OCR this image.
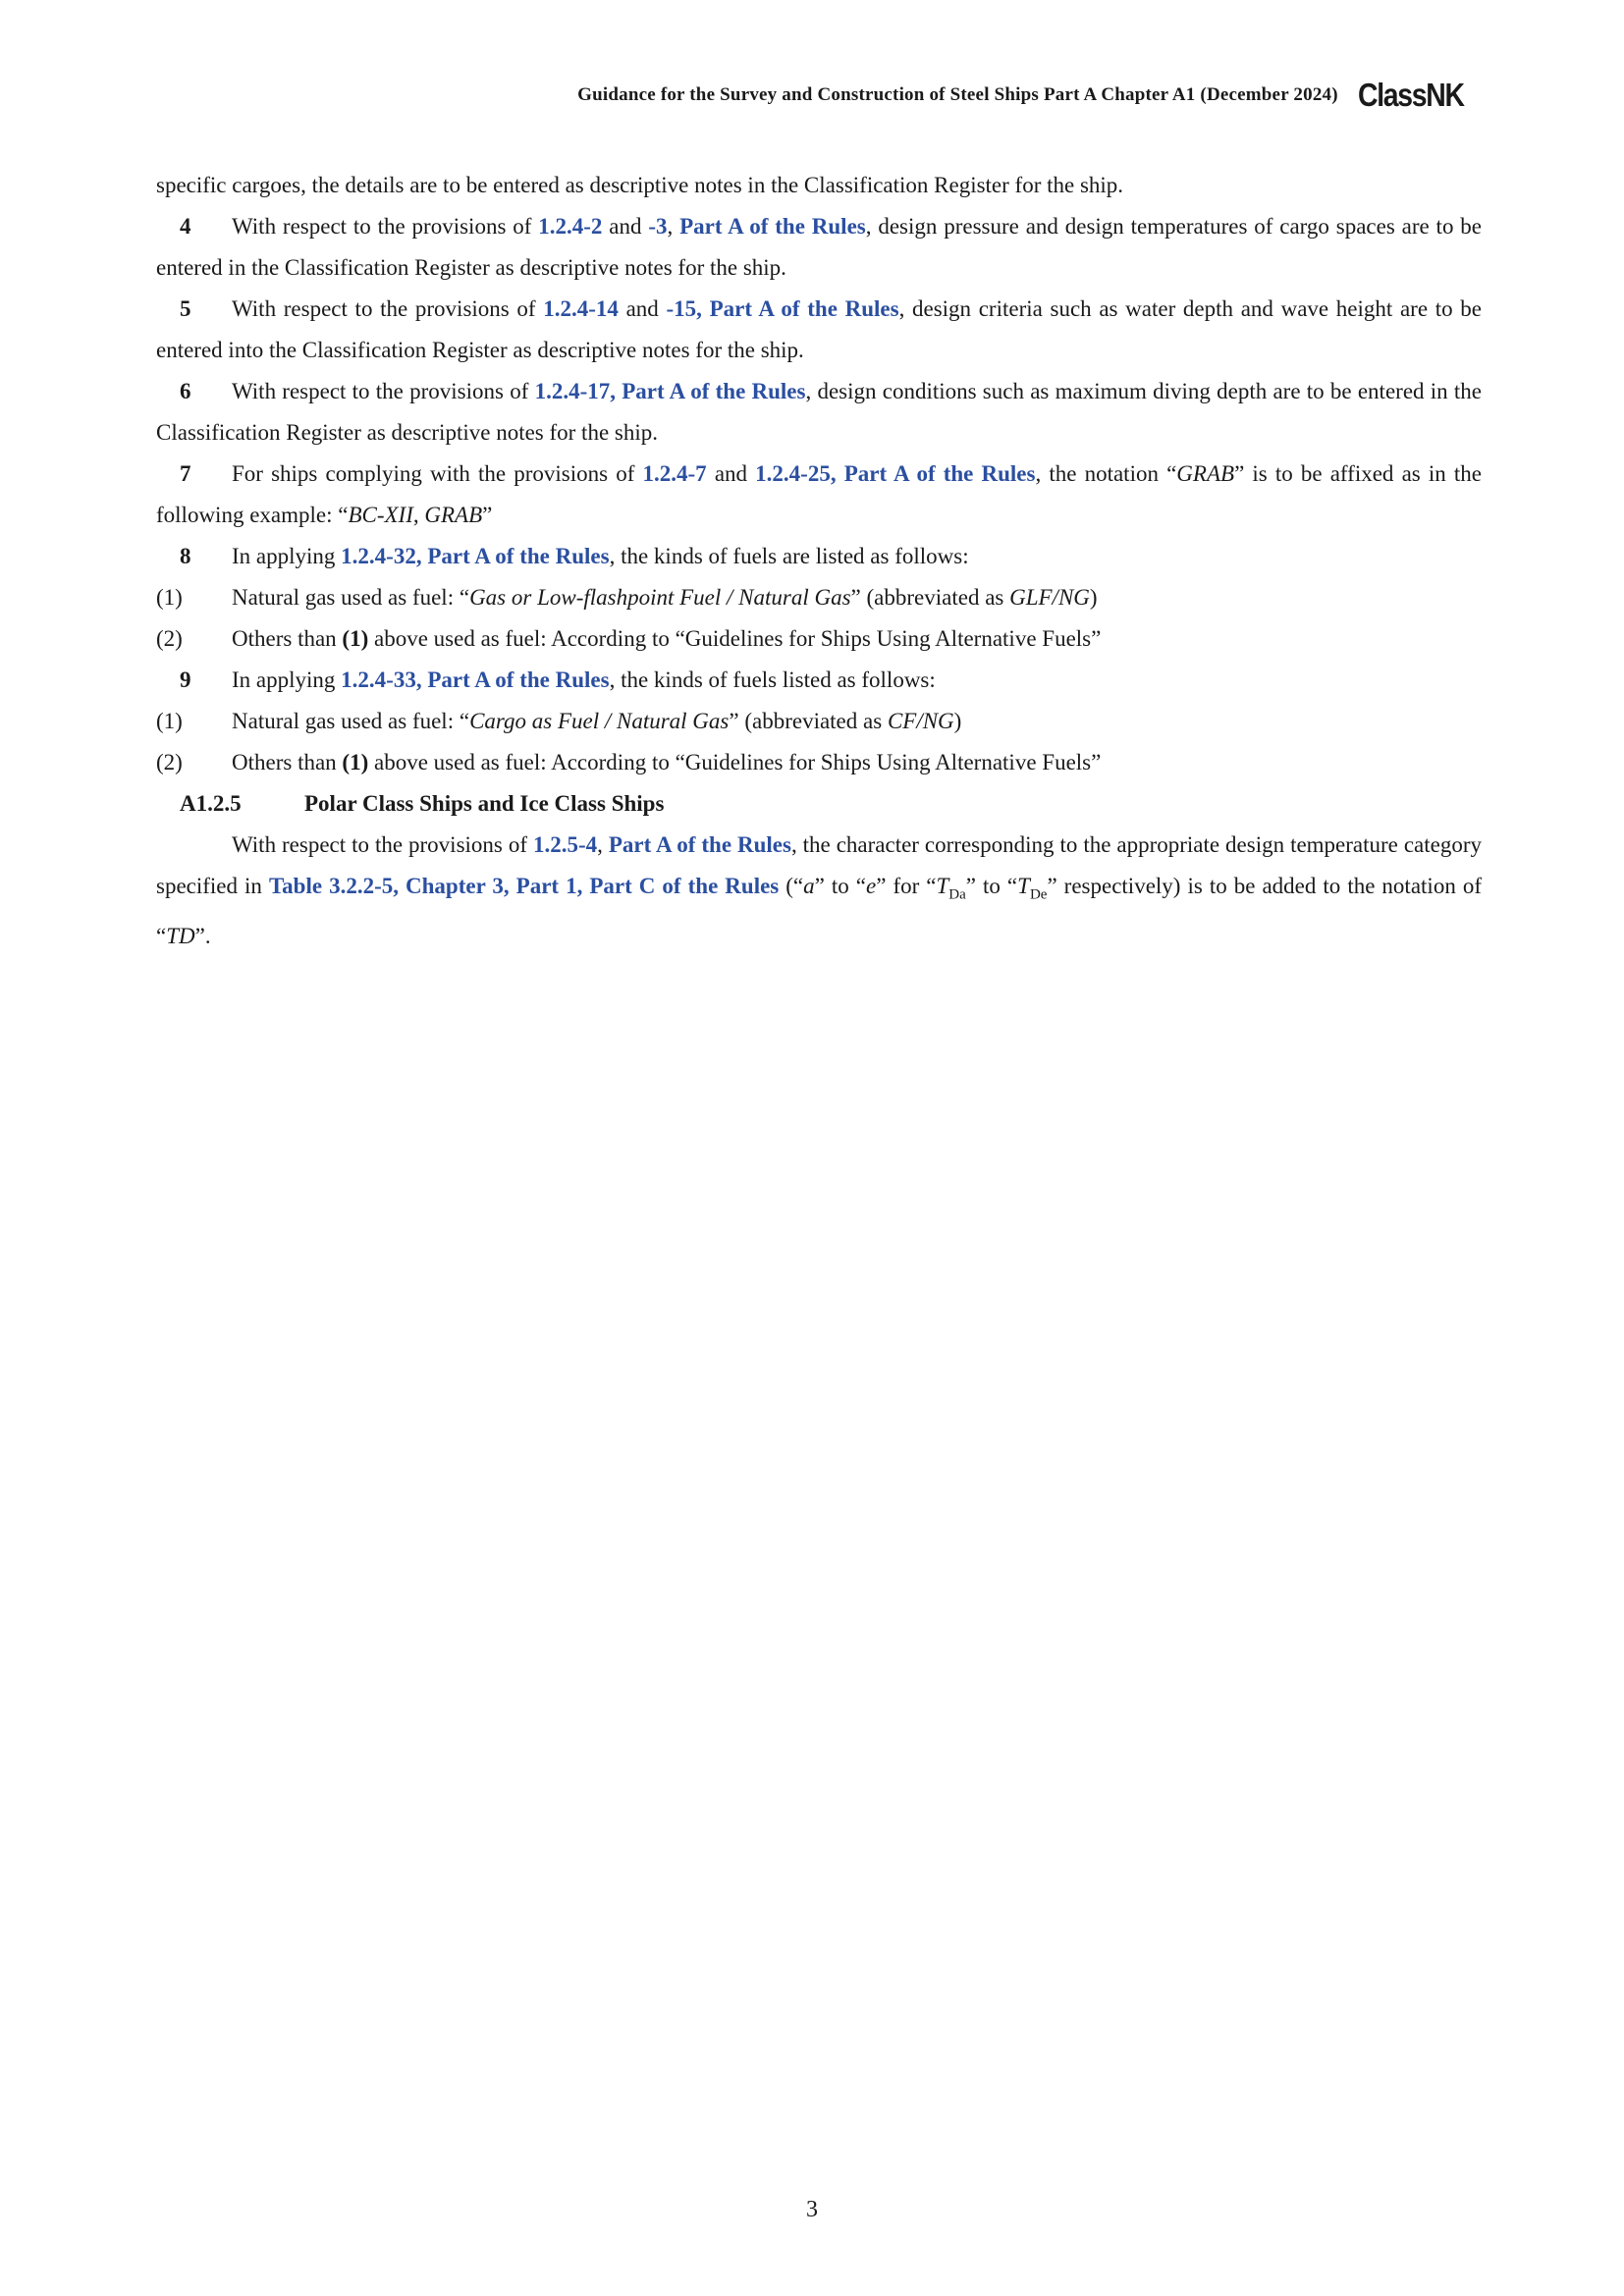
Guidance for the Survey and Construction of Steel Ships Part A Chapter A1 (December 2024) ClassNK

specific cargoes, the details are to be entered as descriptive notes in the Classification Register for the ship.

4 With respect to the provisions of 1.2.4-2 and -3, Part A of the Rules, design pressure and design temperatures of cargo spaces are to be entered in the Classification Register as descriptive notes for the ship.

5 With respect to the provisions of 1.2.4-14 and -15, Part A of the Rules, design criteria such as water depth and wave height are to be entered into the Classification Register as descriptive notes for the ship.

6 With respect to the provisions of 1.2.4-17, Part A of the Rules, design conditions such as maximum diving depth are to be entered in the Classification Register as descriptive notes for the ship.

7 For ships complying with the provisions of 1.2.4-7 and 1.2.4-25, Part A of the Rules, the notation “GRAB” is to be affixed as in the following example: “BC-XII, GRAB”

8 In applying 1.2.4-32, Part A of the Rules, the kinds of fuels are listed as follows:

(1)	Natural gas used as fuel: “Gas or Low-flashpoint Fuel / Natural Gas” (abbreviated as GLF/NG)
(2)	Others than (1) above used as fuel: According to “Guidelines for Ships Using Alternative Fuels”

9 In applying 1.2.4-33, Part A of the Rules, the kinds of fuels listed as follows:

(1)	Natural gas used as fuel: “Cargo as Fuel / Natural Gas” (abbreviated as CF/NG)
(2)	Others than (1) above used as fuel: According to “Guidelines for Ships Using Alternative Fuels”
A1.2.5	Polar Class Ships and Ice Class Ships

With respect to the provisions of 1.2.5-4, Part A of the Rules, the character corresponding to the appropriate design temperature category specified in Table 3.2.2-5, Chapter 3, Part 1, Part C of the Rules (“a” to “e” for “$T_{Da}$” to “$T_{De}$” respectively) is to be added to the notation of “TD”.

3
